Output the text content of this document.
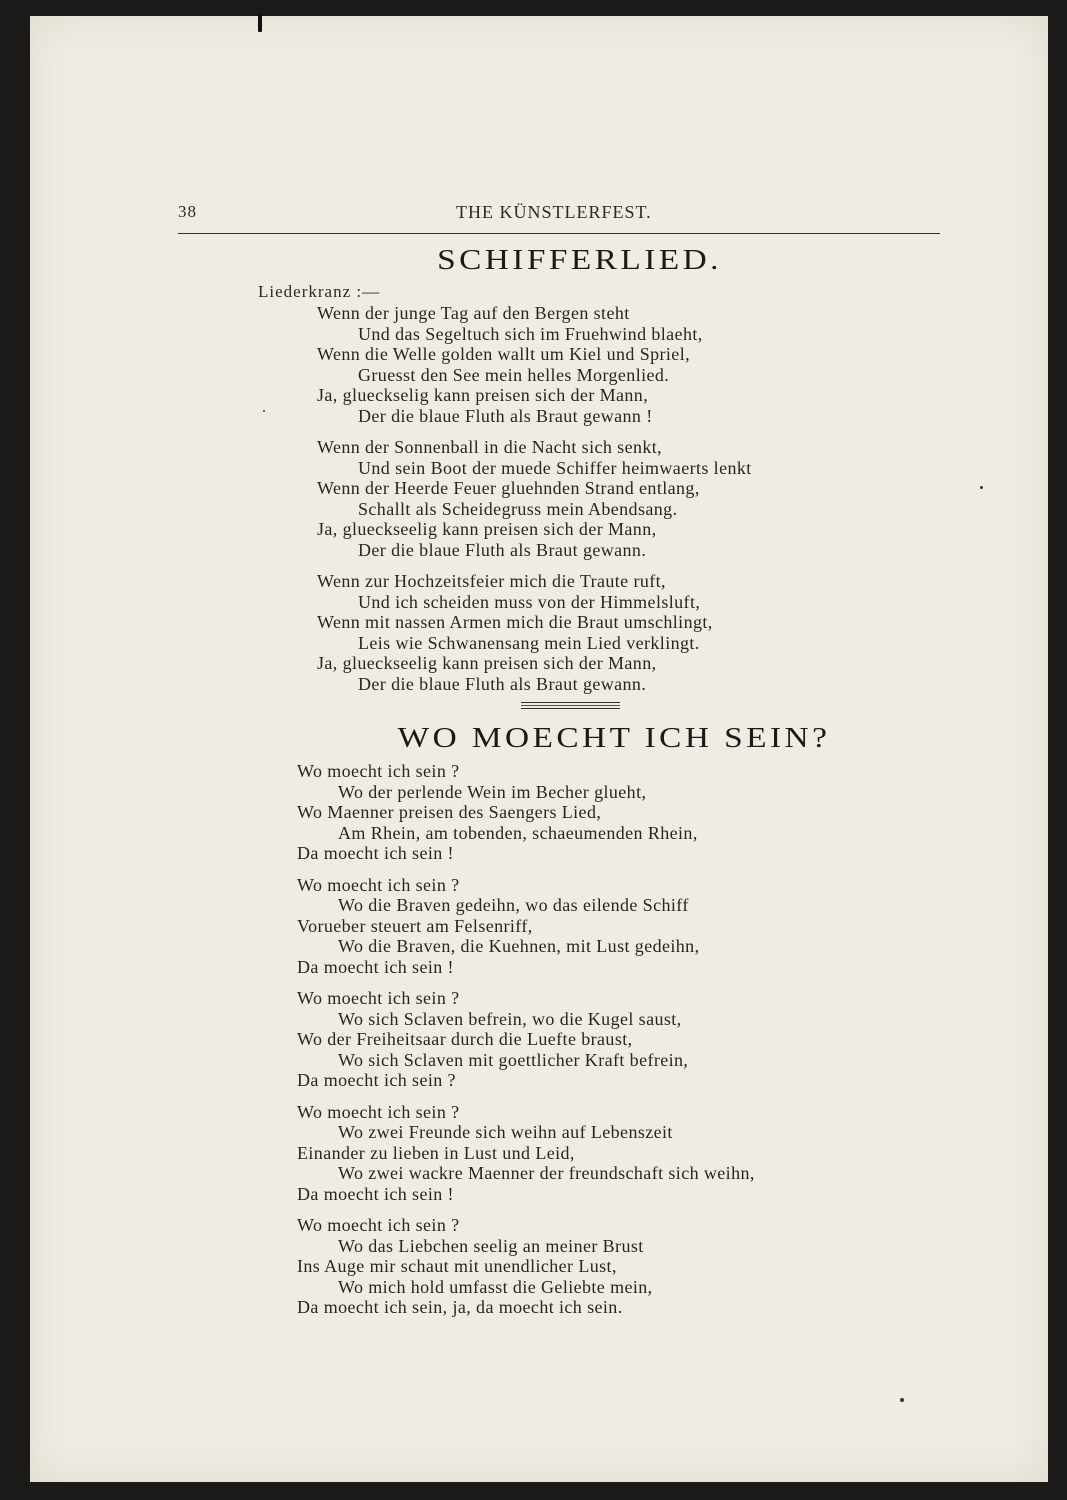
38	THE KÜNSTLERFEST.
SCHIFFERLIED.
Liederkranz :—
Wenn der junge Tag auf den Bergen steht
Und das Segeltuch sich im Fruehwind blaeht,
Wenn die Welle golden wallt um Kiel und Spriel,
Gruesst den See mein helles Morgenlied.
Ja, glueckselig kann preisen sich der Mann,
Der die blaue Fluth als Braut gewann !
Wenn der Sonnenball in die Nacht sich senkt,
Und sein Boot der muede Schiffer heimwaerts lenkt
Wenn der Heerde Feuer gluehnden Strand entlang,
Schallt als Scheidegruss mein Abendsang.
Ja, glueckseelig kann preisen sich der Mann,
Der die blaue Fluth als Braut gewann.
Wenn zur Hochzeitsfeier mich die Traute ruft,
Und ich scheiden muss von der Himmelsluft,
Wenn mit nassen Armen mich die Braut umschlingt,
Leis wie Schwanensang mein Lied verklingt.
Ja, glueckseelig kann preisen sich der Mann,
Der die blaue Fluth als Braut gewann.
WO MOECHT ICH SEIN?
Wo moecht ich sein ?
Wo der perlende Wein im Becher glueht,
Wo Maenner preisen des Saengers Lied,
Am Rhein, am tobenden, schaeumenden Rhein,
Da moecht ich sein !
Wo moecht ich sein ?
Wo die Braven gedeihn, wo das eilende Schiff
Vorueber steuert am Felsenriff,
Wo die Braven, die Kuehnen, mit Lust gedeihn,
Da moecht ich sein !
Wo moecht ich sein ?
Wo sich Sclaven befrein, wo die Kugel saust,
Wo der Freiheitsaar durch die Luefte braust,
Wo sich Sclaven mit goettlicher Kraft befrein,
Da moecht ich sein ?
Wo moecht ich sein ?
Wo zwei Freunde sich weihn auf Lebenszeit
Einander zu lieben in Lust und Leid,
Wo zwei wackre Maenner der freundschaft sich weihn,
Da moecht ich sein !
Wo moecht ich sein ?
Wo das Liebchen seelig an meiner Brust
Ins Auge mir schaut mit unendlicher Lust,
Wo mich hold umfasst die Geliebte mein,
Da moecht ich sein, ja, da moecht ich sein.
